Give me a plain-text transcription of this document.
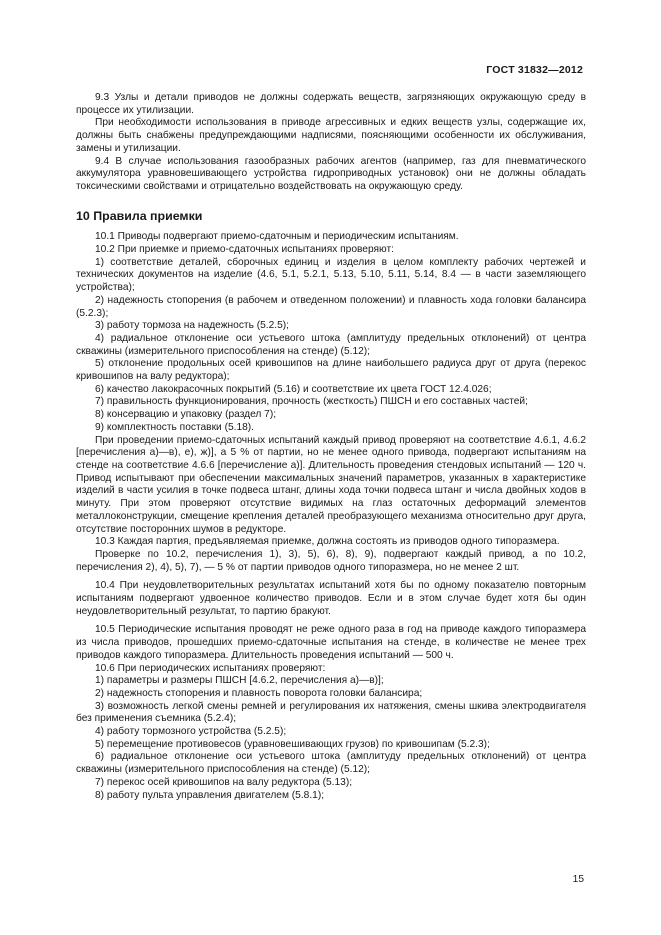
ГОСТ 31832—2012

9.3 Узлы и детали приводов не должны содержать веществ, загрязняющих окружающую среду в процессе их утилизации.

При необходимости использования в приводе агрессивных и едких веществ узлы, содержащие их, должны быть снабжены предупреждающими надписями, поясняющими особенности их обслуживания, замены и утилизации.

9.4 В случае использования газообразных рабочих агентов (например, газ для пневматического аккумулятора уравновешивающего устройства гидроприводных установок) они не должны обладать токсическими свойствами и отрицательно воздействовать на окружающую среду.

10 Правила приемки

10.1 Приводы подвергают приемо-сдаточным и периодическим испытаниям.

10.2 При приемке и приемо-сдаточных испытаниях проверяют:

1) соответствие деталей, сборочных единиц и изделия в целом комплекту рабочих чертежей и технических документов на изделие (4.6, 5.1, 5.2.1, 5.13, 5.10, 5.11, 5.14, 8.4 — в части заземляющего устройства);

2) надежность стопорения (в рабочем и отведенном положении) и плавность хода головки балансира (5.2.3);

3) работу тормоза на надежность (5.2.5);

4) радиальное отклонение оси устьевого штока (амплитуду предельных отклонений) от центра скважины (измерительного приспособления на стенде) (5.12);

5) отклонение продольных осей кривошипов на длине наибольшего радиуса друг от друга (перекос кривошипов на валу редуктора);

6) качество лакокрасочных покрытий (5.16) и соответствие их цвета ГОСТ 12.4.026;

7) правильность функционирования, прочность (жесткость) ПШСН и его составных частей;

8) консервацию и упаковку (раздел 7);

9) комплектность поставки (5.18).

При проведении приемо-сдаточных испытаний каждый привод проверяют на соответствие 4.6.1, 4.6.2 [перечисления а)—в), е), ж)], а 5 % от партии, но не менее одного привода, подвергают испытаниям на стенде на соответствие 4.6.6 [перечисление а)]. Длительность проведения стендовых испытаний — 120 ч. Привод испытывают при обеспечении максимальных значений параметров, указанных в характеристике изделий в части усилия в точке подвеса штанг, длины хода точки подвеса штанг и числа двойных ходов в минуту. При этом проверяют отсутствие видимых на глаз остаточных деформаций элементов металлоконструкции, смещение крепления деталей преобразующего механизма относительно друг друга, отсутствие посторонних шумов в редукторе.

10.3 Каждая партия, предъявляемая приемке, должна состоять из приводов одного типоразмера.

Проверке по 10.2, перечисления 1), 3), 5), 6), 8), 9), подвергают каждый привод, а по 10.2, перечисления 2), 4), 5), 7), — 5 % от партии приводов одного типоразмера, но не менее 2 шт.

10.4 При неудовлетворительных результатах испытаний хотя бы по одному показателю повторным испытаниям подвергают удвоенное количество приводов. Если и в этом случае будет хотя бы один неудовлетворительный результат, то партию бракуют.

10.5 Периодические испытания проводят не реже одного раза в год на приводе каждого типоразмера из числа приводов, прошедших приемо-сдаточные испытания на стенде, в количестве не менее трех приводов каждого типоразмера. Длительность проведения испытаний — 500 ч.

10.6 При периодических испытаниях проверяют:

1) параметры и размеры ПШСН [4.6.2, перечисления а)—в)];

2) надежность стопорения и плавность поворота головки балансира;

3) возможность легкой смены ремней и регулирования их натяжения, смены шкива электродвигателя без применения съемника (5.2.4);

4) работу тормозного устройства (5.2.5);

5) перемещение противовесов (уравновешивающих грузов) по кривошипам (5.2.3);

6) радиальное отклонение оси устьевого штока (амплитуду предельных отклонений) от центра скважины (измерительного приспособления на стенде) (5.12);

7) перекос осей кривошипов на валу редуктора (5.13);

8) работу пульта управления двигателем (5.8.1);

15
